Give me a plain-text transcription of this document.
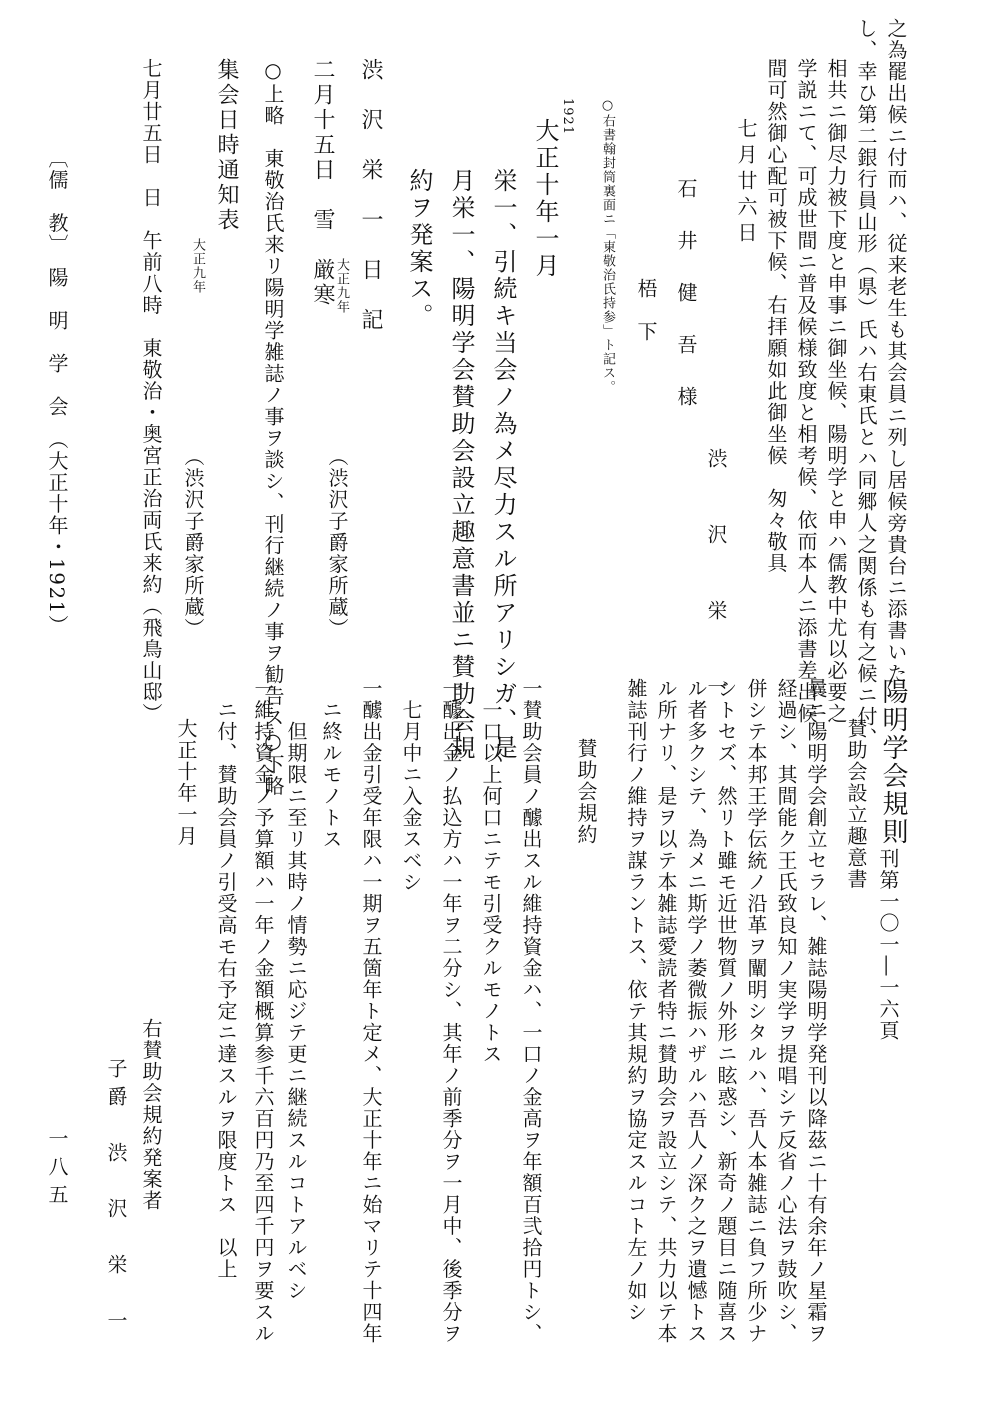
之為罷出候ニ付而ハ、従来老生も其会員ニ列し居候旁貴台ニ添書いた
し、幸ひ第二銀行員山形（県）氏ハ右東氏とハ同郷人之関係も有之候ニ付、
相共ニ御尽力被下度と申事ニ御坐候、陽明学と申ハ儒教中尤以必要之
学説ニて、可成世間ニ普及候様致度と相考候、依而本人ニ添書差出候
間可然御心配可被下候、右拝願如此御坐候　匆々敬具
七月廿六日
渋　沢　栄　一
石　井　健　吾　様
梧　下
○右書翰封筒裏面ニ「東敬治氏持参」ト記ス。
1921
大正十年一月
栄一、引続キ当会ノ為メ尽力スル所アリシガ、是
月栄一、陽明学会賛助会設立趣意書並ニ賛助会規
約ヲ発案ス。
渋　沢　栄　一　日　記
大正九年
（渋沢子爵家所蔵）
二月十五日　雪　厳寒
○上略　東敬治氏来リ陽明学雑誌ノ事ヲ談シ、刊行継続ノ事ヲ勧告ス○下略
集会日時通知表
大正九年
（渋沢子爵家所蔵）
七月廿五日　日　午前八時　東敬治・奥宮正治両氏来約（飛鳥山邸）
〔儒　教〕　陽　明　学　会　（大正十年・1921）
陽明学会規則
刊第一〇一―一六頁
賛助会設立趣意書
曩ニ陽明学会創立セラレ、雑誌陽明学発刊以降茲ニ十有余年ノ星霜ヲ
経過シ、其間能ク王氏致良知ノ実学ヲ提唱シテ反省ノ心法ヲ鼓吹シ、
併シテ本邦王学伝統ノ沿革ヲ闡明シタルハ、吾人本雑誌ニ負フ所少ナ
シトセズ、然リト雖モ近世物質ノ外形ニ眩惑シ、新奇ノ題目ニ随喜ス
ル者多クシテ、為メニ斯学ノ萎微振ハザルハ吾人ノ深ク之ヲ遺憾トス
ル所ナリ、是ヲ以テ本雑誌愛読者特ニ賛助会ヲ設立シテ、共力以テ本
雑誌刊行ノ維持ヲ謀ラントス、依テ其規約ヲ協定スルコト左ノ如シ
賛助会規約
一賛助会員ノ醵出スル維持資金ハ、一口ノ金高ヲ年額百弐拾円トシ、
　一口以上何口ニテモ引受クルモノトス
一醵出金ノ払込方ハ一年ヲ二分シ、其年ノ前季分ヲ一月中、後季分ヲ
　七月中ニ入金スベシ
一醵出金引受年限ハ一期ヲ五箇年ト定メ、大正十年ニ始マリテ十四年
　ニ終ルモノトス
　　但期限ニ至リ其時ノ情勢ニ応ジテ更ニ継続スルコトアルベシ
一維持資金ノ予算額ハ一年ノ金額概算参千六百円乃至四千円ヲ要スル
　ニ付、賛助会員ノ引受高モ右予定ニ達スルヲ限度トス　以上
大正十年一月
右賛助会規約発案者
子爵　渋　沢　栄　一
一八五
